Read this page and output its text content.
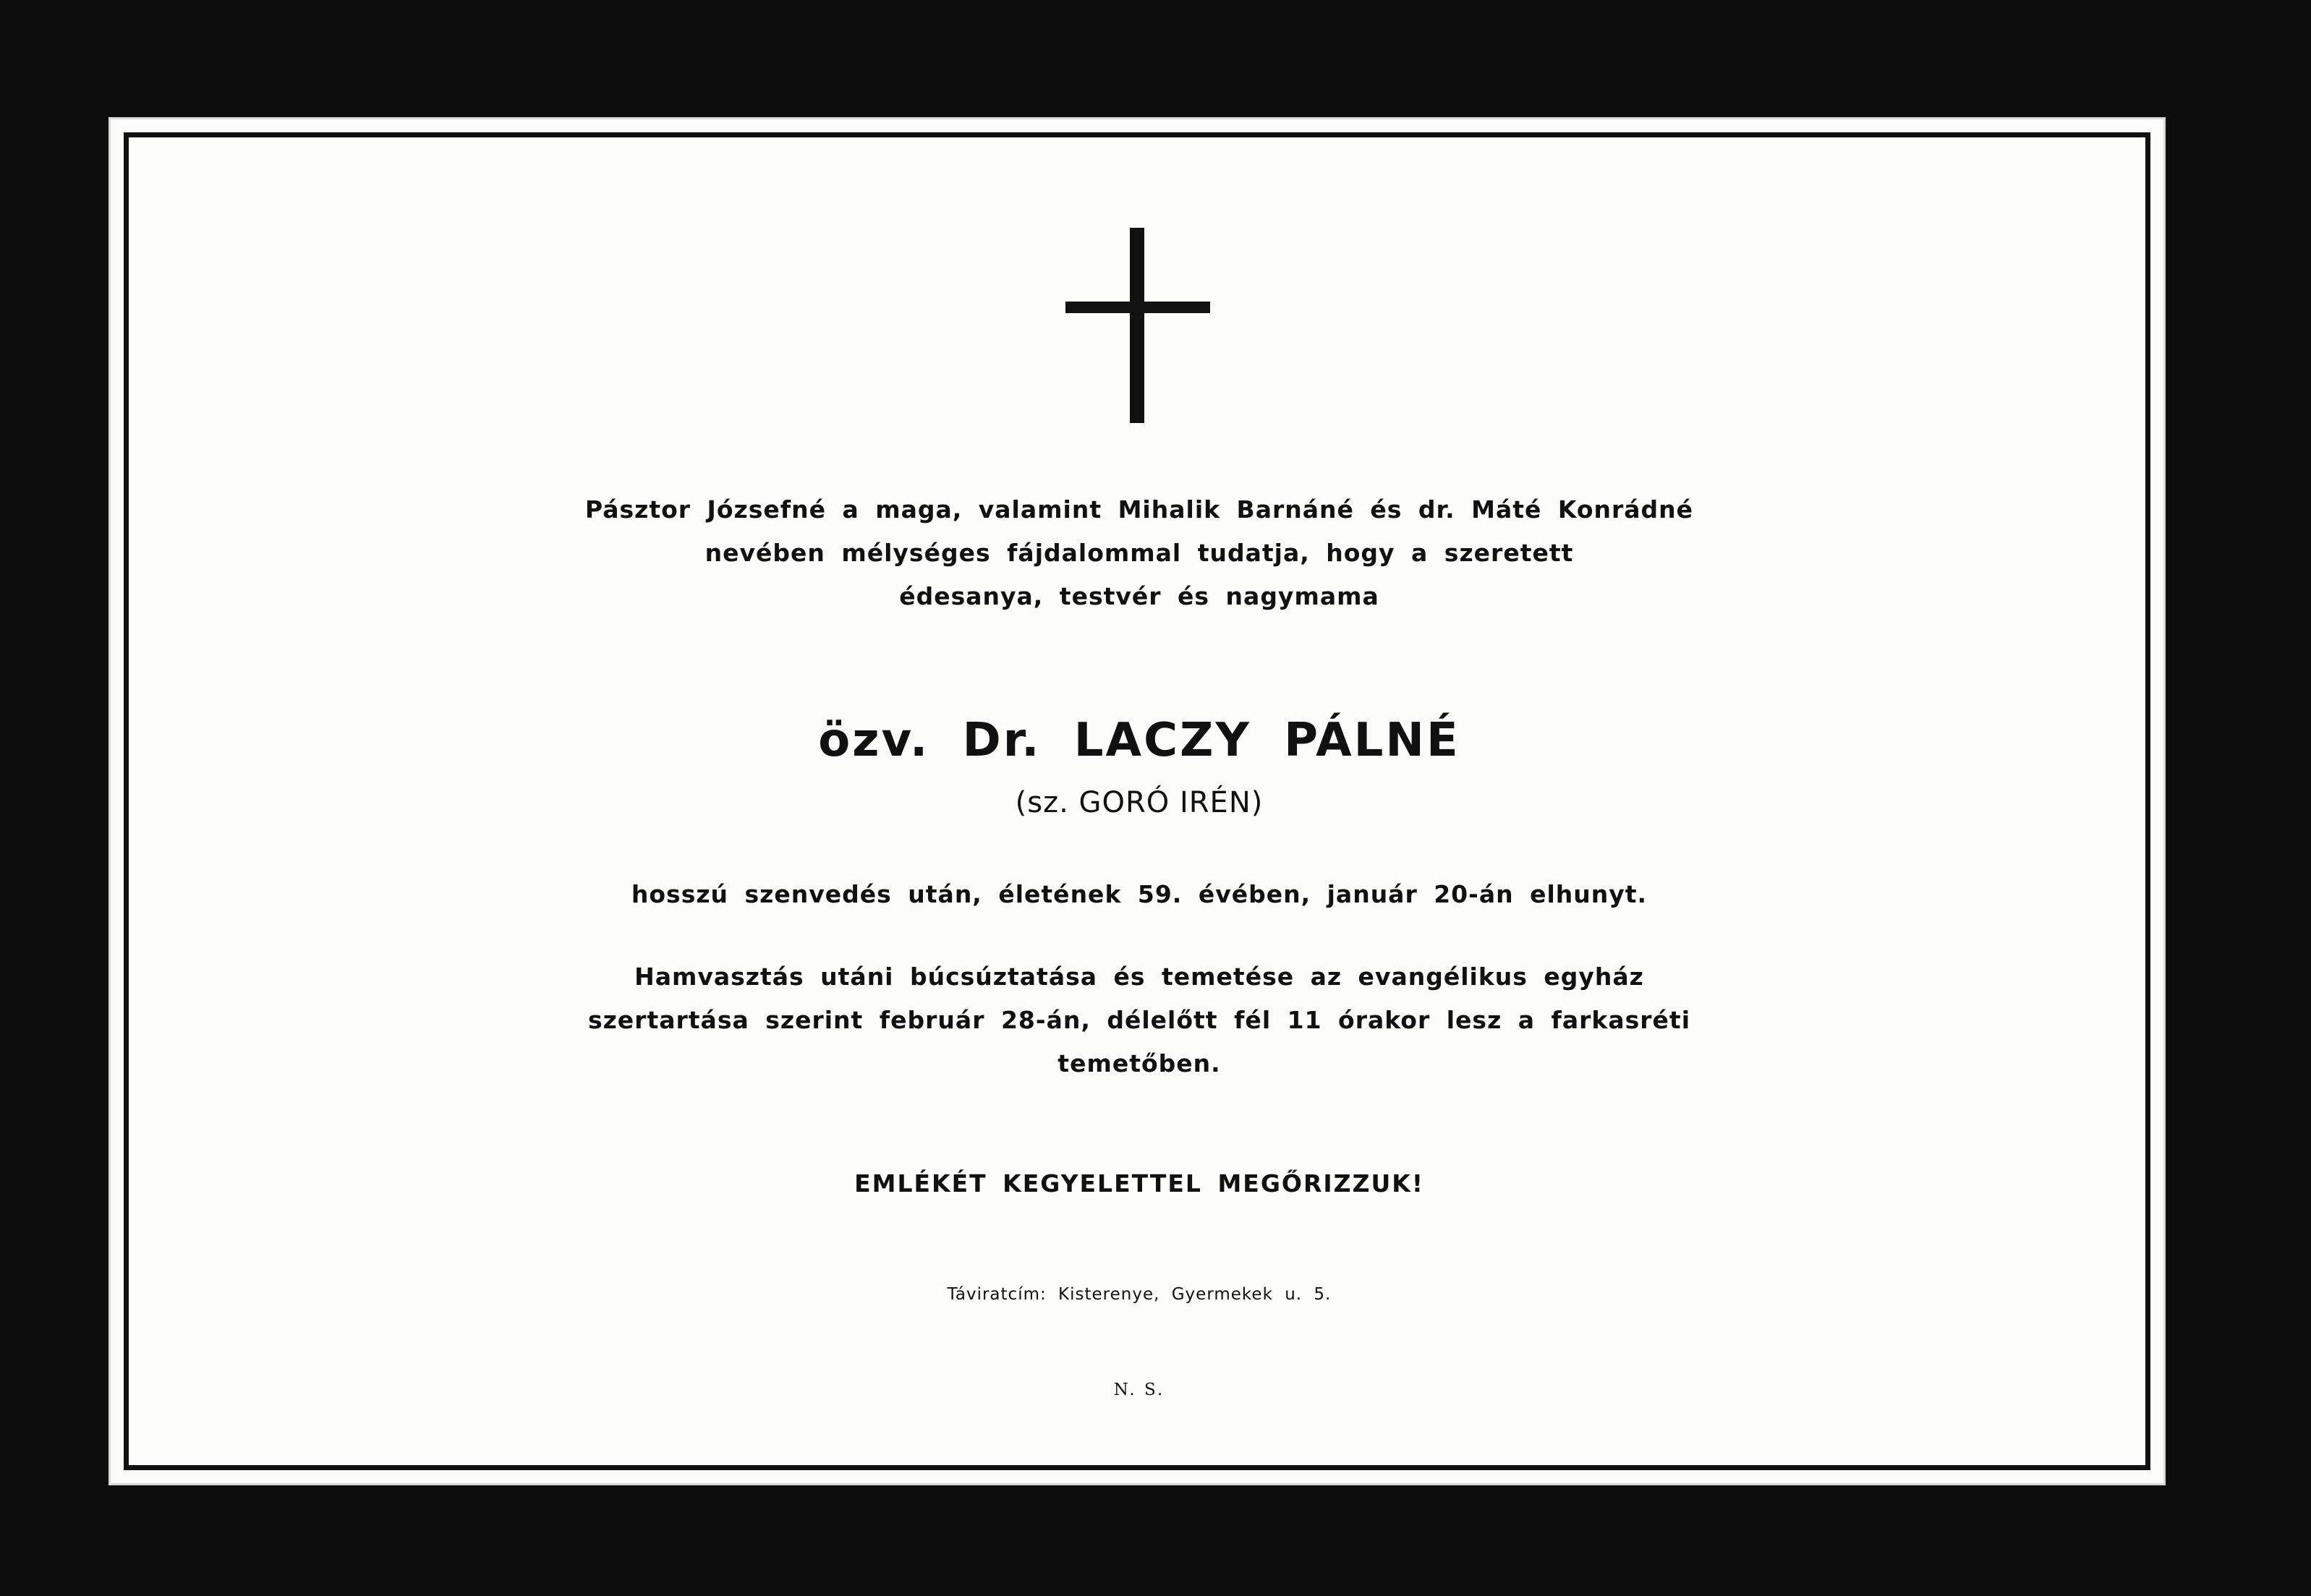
Pásztor Józsefné a maga, valamint Mihalik Barnáné és dr. Máté Konrádné
nevében mélységes fájdalommal tudatja, hogy a szeretett
édesanya, testvér és nagymama
özv. Dr. LACZY PÁLNÉ
(sz. GORÓ IRÉN)
hosszú szenvedés után, életének 59. évében, január 20-án elhunyt.
Hamvasztás utáni búcsúztatása és temetése az evangélikus egyház
szertartása szerint február 28-án, délelőtt fél 11 órakor lesz a farkasréti
temetőben.
EMLÉKÉT KEGYELETTEL MEGŐRIZZUK!
Táviratcím: Kisterenye, Gyermekek u. 5.
N. S.
